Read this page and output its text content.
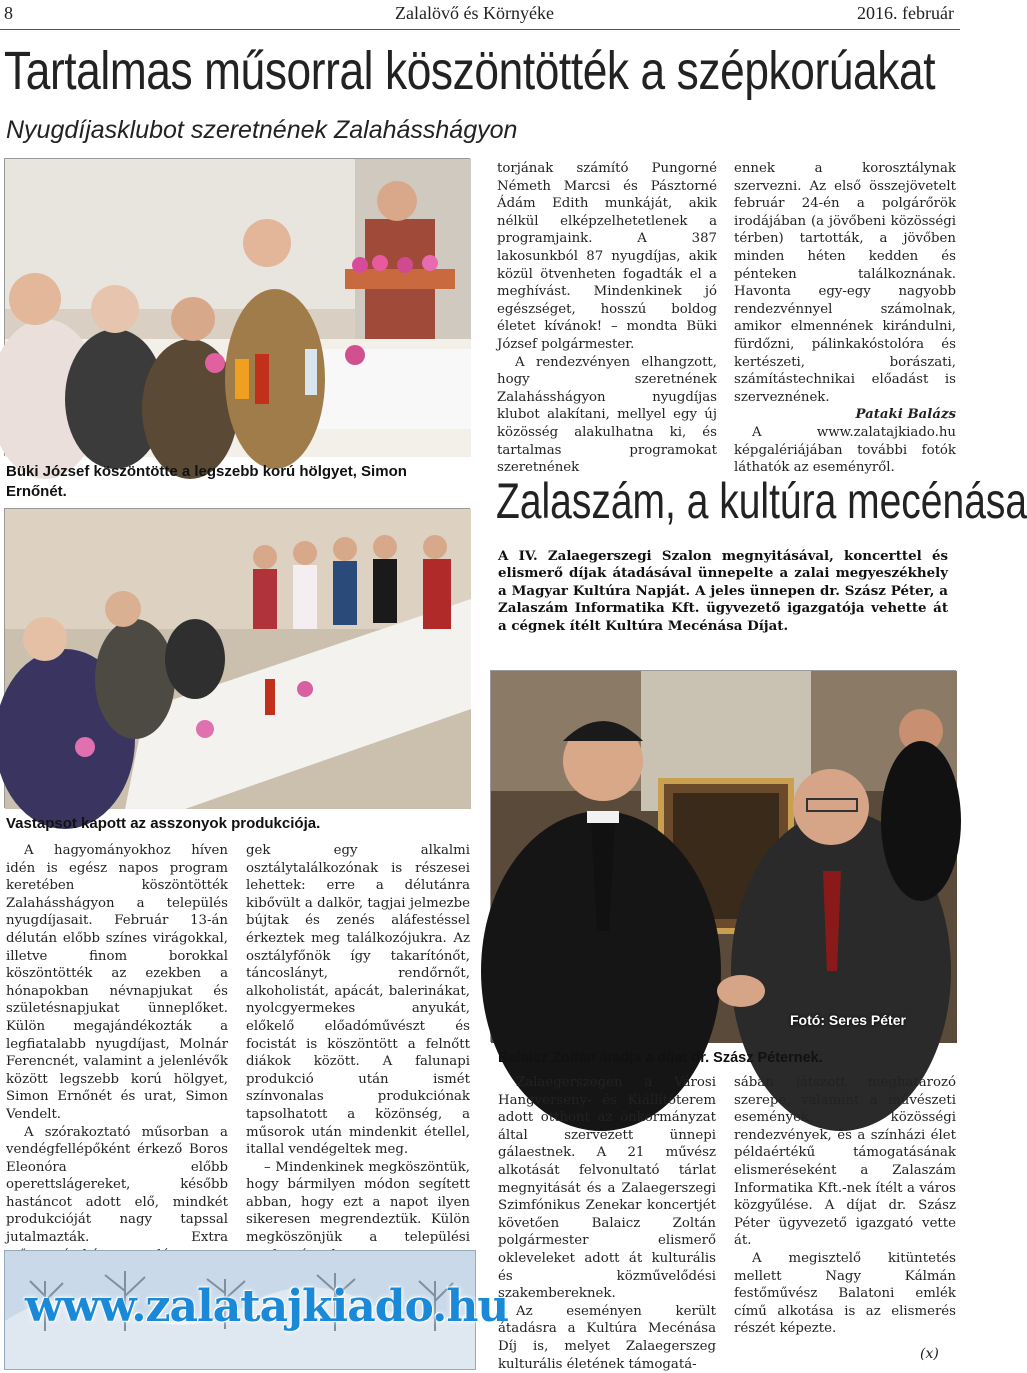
8	Zalalövő és Környéke	2016. február
Tartalmas műsorral köszöntötték a szépkorúakat
Nyugdíjasklubot szeretnének Zalahásshágyon
Büki József köszöntötte a legszebb korú hölgyet, Simon Ernőnét.
Vastapsot kapott az asszonyok produkciója.

A hagyományokhoz híven idén is egész napos program keretében köszöntötték Zalahásshágyon a település nyugdíjasait. Február 13-án délután előbb színes virágokkal, illetve finom borokkal köszöntötték az ezekben a hónapokban névnapjukat és születésnapjukat ünneplőket. Külön megajándékozták a legfiatalabb nyugdíjast, Molnár Ferencnét, valamint a jelenlévők között legszebb korú hölgyet, Simon Ernőnét és urat, Simon Vendelt.

A szórakoztató műsorban a vendégfellépőként érkező Boros Eleonóra előbb operettslágereket, később hastáncot adott elő, mindkét produkcióját nagy tapssal jutalmazták. Extra

gek egy alkalmi osztálytalálkozónak is részesei lehettek: erre a délutánra kibővült a dalkör, tagjai jelmezbe bújtak és zenés aláfestéssel érkeztek meg találkozójukra. Az osztályfőnök így takarítónőt, táncoslányt, rendőrnőt, alkoholistát, apácát, balerinákat, nyolcgyermekes anyukát, előkelő előadóművészt és focistát is köszöntött a felnőtt diákok között. A falunapi produkció után ismét színvonalas produkciónak tapsolhatott a közönség, a műsorok után mindenkit étellel, itallal vendégeltek meg.

– Mindenkinek megköszöntük, hogy bármilyen módon segített abban, hogy ezt a napot ilyen sikeresen megrendeztük. Külön megköszönjük a települési

torjának számító Pungorné Németh Marcsi és Pásztorné Ádám Edith munkáját, akik nélkül elképzelhetetlenek a programjaink. A 387 lakosunkból 87 nyugdíjas, akik közül ötvenheten fogadták el a meghívást. Mindenkinek jó egészséget, hosszú boldog életet kívánok! – mondta Büki József polgármester.

A rendezvényen elhangzott, hogy szeretnének Zalahásshágyon nyugdíjas klubot alakítani, mellyel egy új közösség alakulhatna ki, és tartalmas programokat szeretnének

ennek a korosztálynak szervezni. Az első összejövetelt február 24-én a polgárőrök irodájában (a jövőbeni közösségi térben) tartották, a jövőben minden héten kedden és pénteken találkoznának. Havonta egy-egy nagyobb rendezvénnyel számolnak, amikor elmennének kirándulni, fürdőzni, pálinkakóstolóra és kertészeti, borászati, számítástechnikai előadást is szerveznének.

Pataki Balázs

A www.zalatajkiado.hu képgalériájában további fotók láthatók az eseményről.

www.zalatajkiado.hu
Zalaszám, a kultúra mecénása
A IV. Zalaegerszegi Szalon megnyitásával, koncerttel és elismerő díjak átadásával ünnepelte a zalai megyeszékhely a Magyar Kultúra Napját. A jeles ünnepen dr. Szász Péter, a Zalaszám Informatika Kft. ügyvezető igazgatója vehette át a cégnek ítélt Kultúra Mecénása Díjat.
Fotó: Seres Péter
Balaicz Zoltán átadja a díjat dr. Szász Péternek.

Zalaegerszegen a Városi Hangverseny- és Kiállítóterem adott otthont az önkormányzat által szervezett ünnepi gálaestnek. A 21 művész alkotását felvonultató tárlat megnyitását és a Zalaegerszegi Szimfónikus Zenekar koncertjét követően Balaicz Zoltán polgármester elismerő okleveleket adott át kulturális és közművelődési szakembereknek.

Az eseményen került átadásra a Kultúra Mecénása Díj is, melyet Zalaegerszeg kulturális életének támogatá-

sában játszott meghatározó szerepe, valamint a művészeti események, közösségi rendezvények, és a színházi élet példaértékű támogatásának elismeréseként a Zalaszám Informatika Kft.-nek ítélt a város közgyűlése. A díjat dr. Szász Péter ügyvezető igazgató vette át.

A megisztelő kitüntetés mellett Nagy Kálmán festőművész Balatoni emlék című alkotása is az elismerés részét képezte.

(x)
